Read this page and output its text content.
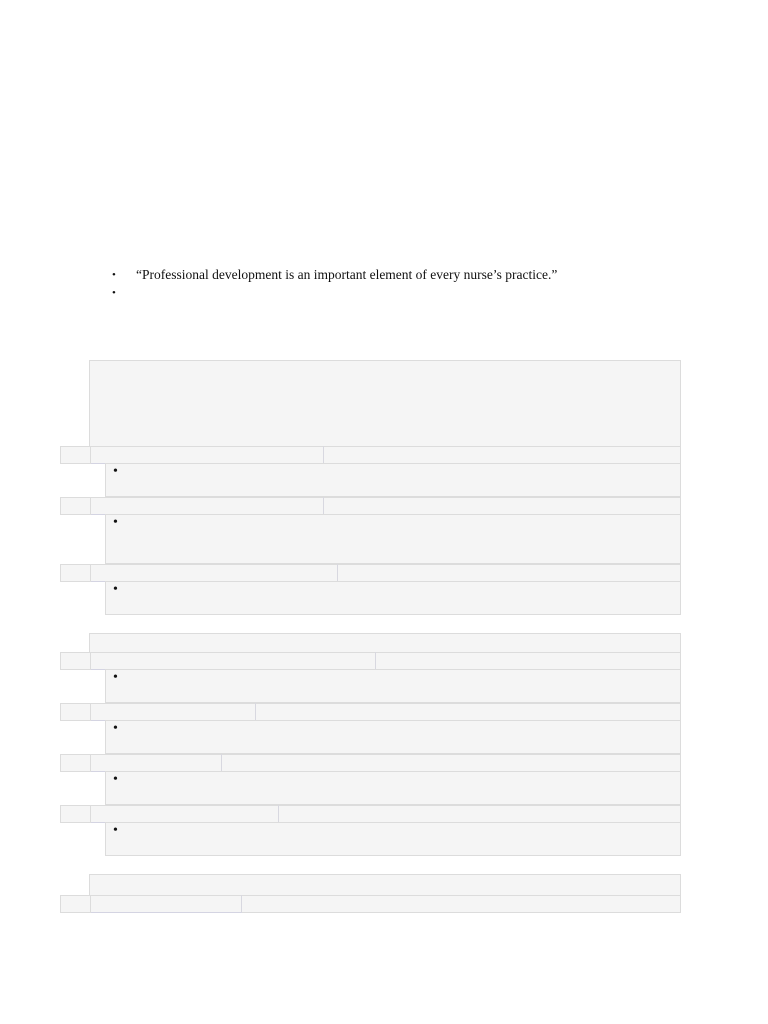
• “Professional development is an important element of every nurse’s practice.”
•
•
•
•
•
•
•
•
